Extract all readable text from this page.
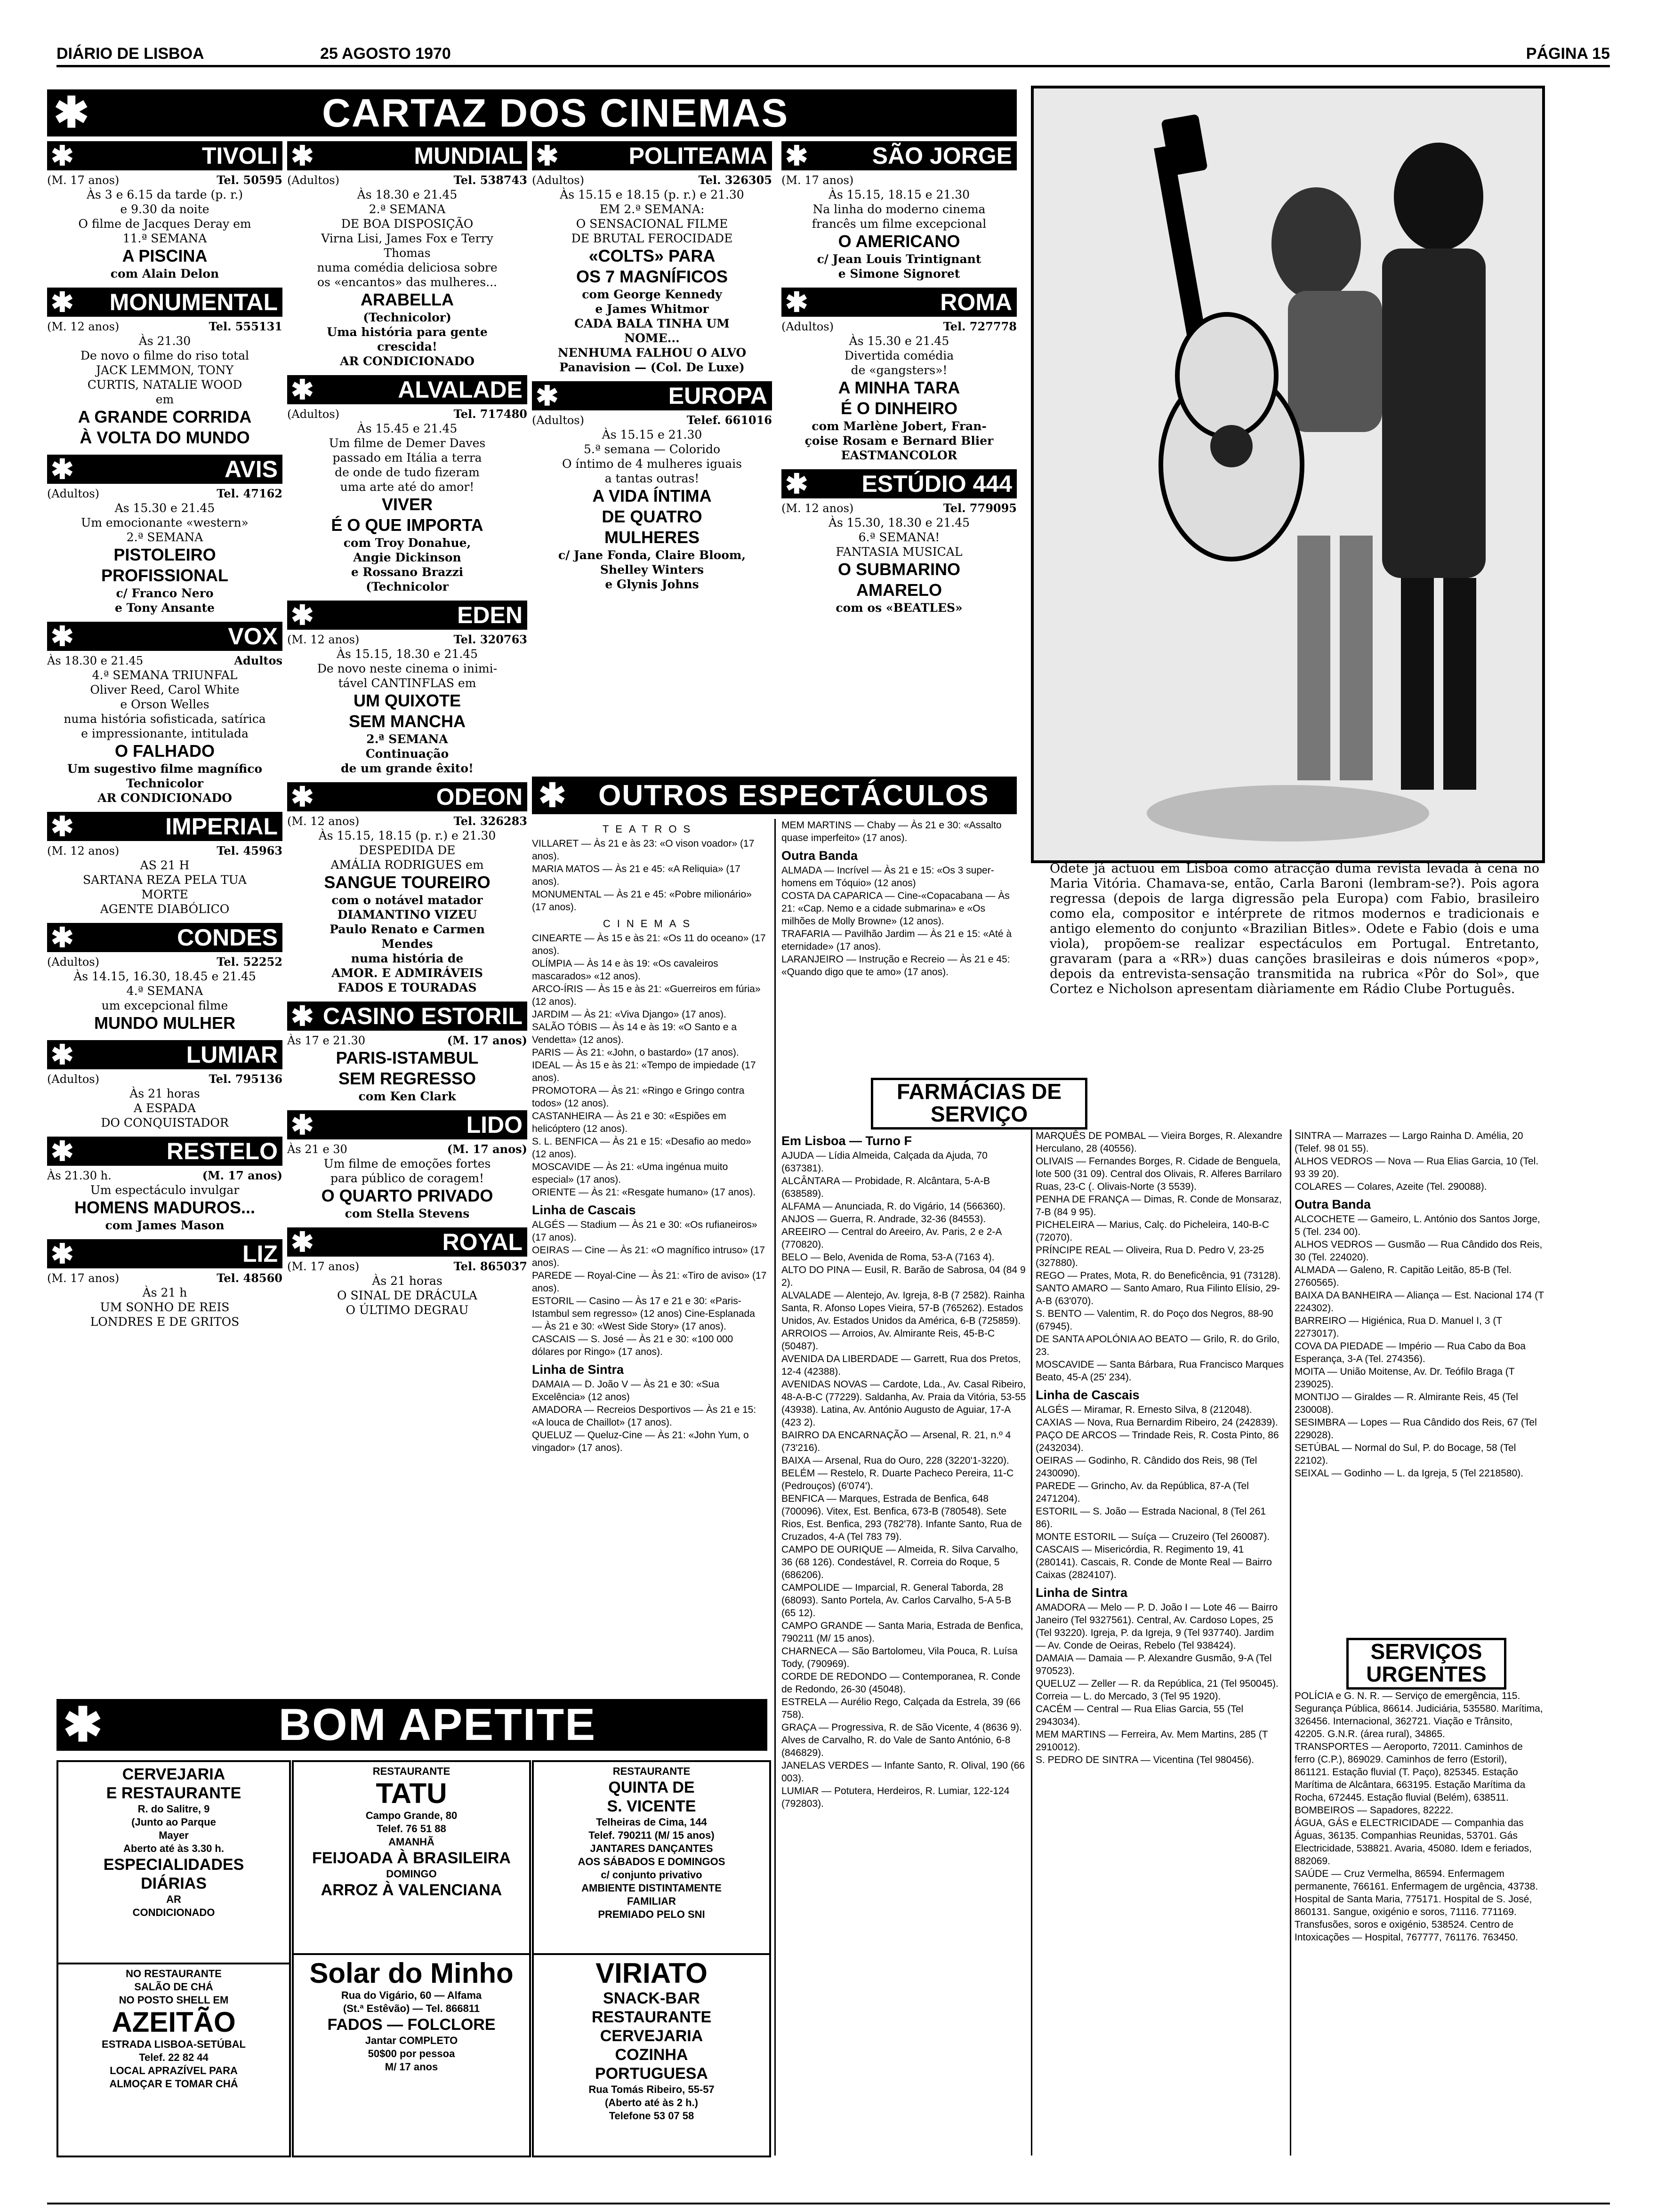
DIÁRIO DE LISBOA	25 AGOSTO 1970	PÁGINA 15
✱	CARTAZ DOS CINEMAS
✱	TIVOLI
(M. 17 anos)	Tel. 50595
Às 3 e 6.15 da tarde (p. r.)
e 9.30 da noite
O filme de Jacques Deray em
11.ª SEMANA
A PISCINA
com Alain Delon
✱	MONUMENTAL
(M. 12 anos)	Tel. 555131
Às 21.30
De novo o filme do riso total
JACK LEMMON, TONY
CURTIS, NATALIE WOOD
em
A GRANDE CORRIDA
À VOLTA DO MUNDO
✱	AVIS
(Adultos)	Tel. 47162
As 15.30 e 21.45
Um emocionante «western»
2.ª SEMANA
PISTOLEIRO
PROFISSIONAL
c/ Franco Nero
e Tony Ansante
✱	VOX
Às 18.30 e 21.45	Adultos
4.ª SEMANA TRIUNFAL
Oliver Reed, Carol White
e Orson Welles
numa história sofisticada, satírica
e impressionante, intitulada
O FALHADO
Um sugestivo filme magnífico
Technicolor
AR CONDICIONADO
✱	IMPERIAL
(M. 12 anos)	Tel. 45963
AS 21 H
SARTANA REZA PELA TUA
MORTE
AGENTE DIABÓLICO
✱	CONDES
(Adultos)	Tel. 52252
Às 14.15, 16.30, 18.45 e 21.45
4.ª SEMANA
um excepcional filme
MUNDO MULHER
✱	LUMIAR
(Adultos)	Tel. 795136
Às 21 horas
A ESPADA
DO CONQUISTADOR
✱	RESTELO
Às 21.30 h.	(M. 17 anos)
Um espectáculo invulgar
HOMENS MADUROS...
com James Mason
✱	LIZ
(M. 17 anos)	Tel. 48560
Às 21 h
UM SONHO DE REIS
LONDRES E DE GRITOS
✱	MUNDIAL
(Adultos)	Tel. 538743
Às 18.30 e 21.45
2.ª SEMANA
DE BOA DISPOSIÇÃO
Virna Lisi, James Fox e Terry
Thomas
numa comédia deliciosa sobre
os «encantos» das mulheres...
ARABELLA
(Technicolor)
Uma história para gente
crescida!
AR CONDICIONADO
✱	ALVALADE
(Adultos)	Tel. 717480
Às 15.45 e 21.45
Um filme de Demer Daves
passado em Itália a terra
de onde de tudo fizeram
uma arte até do amor!
VIVER
É O QUE IMPORTA
com Troy Donahue,
Angie Dickinson
e Rossano Brazzi
(Technicolor
✱	EDEN
(M. 12 anos)	Tel. 320763
Às 15.15, 18.30 e 21.45
De novo neste cinema o inimi-
tável CANTINFLAS em
UM QUIXOTE
SEM MANCHA
2.ª SEMANA
Continuação
de um grande êxito!
✱	ODEON
(M. 12 anos)	Tel. 326283
Às 15.15, 18.15 (p. r.) e 21.30
DESPEDIDA DE
AMÁLIA RODRIGUES em
SANGUE TOUREIRO
com o notável matador
DIAMANTINO VIZEU
Paulo Renato e Carmen
Mendes
numa história de
AMOR. E ADMIRÁVEIS
FADOS E TOURADAS
✱ CASINO ESTORIL
Às 17 e 21.30	(M. 17 anos)
PARIS-ISTAMBUL
SEM REGRESSO
com Ken Clark
✱	LIDO
Às 21 e 30	(M. 17 anos)
Um filme de emoções fortes
para público de coragem!
O QUARTO PRIVADO
com Stella Stevens
✱	ROYAL
(M. 17 anos)	Tel. 865037
Às 21 horas
O SINAL DE DRÁCULA
O ÚLTIMO DEGRAU
✱	POLITEAMA
(Adultos)	Tel. 326305
Às 15.15 e 18.15 (p. r.) e 21.30
EM 2.ª SEMANA:
O SENSACIONAL FILME
DE BRUTAL FEROCIDADE
«COLTS» PARA
OS 7 MAGNÍFICOS
com George Kennedy
e James Whitmor
CADA BALA TINHA UM
NOME...
NENHUMA FALHOU O ALVO
Panavision — (Col. De Luxe)
✱	EUROPA
(Adultos)	Telef. 661016
Às 15.15 e 21.30
5.ª semana — Colorido
O íntimo de 4 mulheres iguais
a tantas outras!
A VIDA ÍNTIMA
DE QUATRO
MULHERES
c/ Jane Fonda, Claire Bloom,
Shelley Winters
e Glynis Johns
✱	SÃO JORGE
(M. 17 anos)
Às 15.15, 18.15 e 21.30
Na linha do moderno cinema
francês um filme excepcional
O AMERICANO
c/ Jean Louis Trintignant
e Simone Signoret
✱	ROMA
(Adultos)	Tel. 727778
Às 15.30 e 21.45
Divertida comédia
de «gangsters»!
A MINHA TARA
É O DINHEIRO
com Marlène Jobert, Fran-
çoise Rosam e Bernard Blier
EASTMANCOLOR
✱	ESTÚDIO 444
(M. 12 anos)	Tel. 779095
Às 15.30, 18.30 e 21.45
6.ª SEMANA!
FANTASIA MUSICAL
O SUBMARINO
AMARELO
com os «BEATLES»
✱	OUTROS ESPECTÁCULOS
TEATROS
VILLARET — Às 21 e às 23: «O vison voador» (17 anos).
MARIA MATOS — Às 21 e 45: «A Reliquia» (17 anos).
MONUMENTAL — Às 21 e 45: «Pobre milionário» (17 anos).
CINEMAS
CINEARTE — Às 15 e às 21: «Os 11 do oceano» (17 anos).
OLÍMPIA — Às 14 e às 19: «Os cavaleiros mascarados» «12 anos).
ARCO-ÍRIS — Às 15 e às 21: «Guerreiros em fúria» (12 anos).
JARDIM — Às 21: «Viva Django» (17 anos).
SALÃO TÓBIS — Às 14 e às 19: «O Santo e a Vendetta» (12 anos).
PARIS — Às 21: «John, o bastardo» (17 anos).
IDEAL — Às 15 e às 21: «Tempo de impiedade (17 anos).
PROMOTORA — Às 21: «Ringo e Gringo contra todos» (12 anos).
CASTANHEIRA — Às 21 e 30: «Espiões em helicóptero (12 anos).
S. L. BENFICA — Às 21 e 15: «Desafio ao medo» (12 anos).
MOSCAVIDE — Às 21: «Uma ingénua muito especial» (17 anos).
ORIENTE — Às 21: «Resgate humano» (17 anos).
Linha de Cascais
ALGÉS — Stadium — Às 21 e 30: «Os rufianeiros» (17 anos).
OEIRAS — Cine — Às 21: «O magnífico intruso» (17 anos).
PAREDE — Royal-Cine — Às 21: «Tiro de aviso» (17 anos).
ESTORIL — Casino — Às 17 e 21 e 30: «Paris-Istambul sem regresso» (12 anos) Cine-Esplanada — Às 21 e 30: «West Side Story» (17 anos).
CASCAIS — S. José — Às 21 e 30: «100 000 dólares por Ringo» (17 anos).
Linha de Sintra
DAMAIA — D. João V — Às 21 e 30: «Sua Excelência» (12 anos)
AMADORA — Recreios Desportivos — Às 21 e 15: «A louca de Chaillot» (17 anos).
QUELUZ — Queluz-Cine — Às 21: «John Yum, o vingador» (17 anos).
MEM MARTINS — Chaby — Às 21 e 30: «Assalto quase imperfeito» (17 anos).
Outra Banda
ALMADA — Incrível — Às 21 e 15: «Os 3 super-homens em Tóquio» (12 anos)
COSTA DA CAPARICA — Cine-«Copacabana — Às 21: «Cap. Nemo e a cidade submarina» e «Os milhões de Molly Browne» (12 anos).
TRAFARIA — Pavilhão Jardim — Às 21 e 15: «Até à eternidade» (17 anos).
LARANJEIRO — Instrução e Recreio — Às 21 e 45: «Quando digo que te amo» (17 anos).
Odete já actuou em Lisboa como atracção duma revista levada à cena no Maria Vitória. Chamava-se, então, Carla Baroni (lembram-se?). Pois agora regressa (depois de larga digressão pela Europa) com Fabio, brasileiro como ela, compositor e intérprete de ritmos modernos e tradicionais e antigo elemento do conjunto «Brazilian Bitles». Odete e Fabio (dois e uma viola), propõem-se realizar espectáculos em Portugal. Entretanto, gravaram (para a «RR») duas canções brasileiras e dois números «pop», depois da entrevista-sensação transmitida na rubrica «Pôr do Sol», que Cortez e Nicholson apresentam diàriamente em Rádio Clube Português.
FARMÁCIAS DE SERVIÇO
Em Lisboa — Turno F
AJUDA — Lídia Almeida, Calçada da Ajuda, 70 (637381).
ALCÂNTARA — Probidade, R. Alcântara, 5-A-B (638589).
ALFAMA — Anunciada, R. do Vigário, 14 (566360).
ANJOS — Guerra, R. Andrade, 32-36 (84553).
AREEIRO — Central do Areeiro, Av. Paris, 2 e 2-A (770820).
BELO — Belo, Avenida de Roma, 53-A (7163 4).
ALTO DO PINA — Eusil, R. Barão de Sabrosa, 04 (84 9 2).
ALVALADE — Alentejo, Av. Igreja, 8-B (7 2582). Rainha Santa, R. Afonso Lopes Vieira, 57-B (765262). Estados Unidos, Av. Estados Unidos da América, 6-B (725859).
ARROIOS — Arroios, Av. Almirante Reis, 45-B-C (50487).
AVENIDA DA LIBERDADE — Garrett, Rua dos Pretos, 12-4 (42388).
AVENIDAS NOVAS — Cardote, Lda., Av. Casal Ribeiro, 48-A-B-C (77229). Saldanha, Av. Praia da Vitória, 53-55 (43938). Latina, Av. António Augusto de Aguiar, 17-A (423 2).
BAIRRO DA ENCARNAÇÃO — Arsenal, R. 21, n.º 4 (73'216).
BAIXA — Arsenal, Rua do Ouro, 228 (3220'1-3220).
BELÉM — Restelo, R. Duarte Pacheco Pereira, 11-C (Pedrouços) (6'074').
BENFICA — Marques, Estrada de Benfica, 648 (700096). Vitex, Est. Benfica, 673-B (780548). Sete Rios, Est. Benfica, 293 (782'78). Infante Santo, Rua de Cruzados, 4-A (Tel 783 79).
CAMPO DE OURIQUE — Almeida, R. Silva Carvalho, 36 (68 126). Condestável, R. Correia do Roque, 5 (686206).
CAMPOLIDE — Imparcial, R. General Taborda, 28 (68093). Santo Portela, Av. Carlos Carvalho, 5-A 5-B (65 12).
CAMPO GRANDE — Santa Maria, Estrada de Benfica, 790211 (M/ 15 anos).
CHARNECA — São Bartolomeu, Vila Pouca, R. Luísa Tody, (790969).
CORDE DE REDONDO — Contemporanea, R. Conde de Redondo, 26-30 (45048).
ESTRELA — Aurélio Rego, Calçada da Estrela, 39 (66 758).
GRAÇA — Progressiva, R. de São Vicente, 4 (8636 9). Alves de Carvalho, R. do Vale de Santo António, 6-8 (846829).
JANELAS VERDES — Infante Santo, R. Olival, 190 (66 003).
LUMIAR — Potutera, Herdeiros, R. Lumiar, 122-124 (792803).
MARQUÊS DE POMBAL — Vieira Borges, R. Alexandre Herculano, 28 (40556).
OLIVAIS — Fernandes Borges, R. Cidade de Benguela, lote 500 (31 09). Central dos Olivais, R. Alferes Barrilaro Ruas, 23-C (. Olivais-Norte (3 5539).
PENHA DE FRANÇA — Dimas, R. Conde de Monsaraz, 7-B (84 9 95).
PICHELEIRA — Marius, Calç. do Picheleira, 140-B-C (72070).
PRÍNCIPE REAL — Oliveira, Rua D. Pedro V, 23-25 (327880).
REGO — Prates, Mota, R. do Beneficência, 91 (73128).
SANTO AMARO — Santo Amaro, Rua Filinto Elísio, 29-A-B (63'070).
S. BENTO — Valentim, R. do Poço dos Negros, 88-90 (67945).
DE SANTA APOLÓNIA AO BEATO — Grilo, R. do Grilo, 23.
MOSCAVIDE — Santa Bárbara, Rua Francisco Marques Beato, 45-A (25' 234).
Linha de Cascais
ALGÉS — Miramar, R. Ernesto Silva, 8 (212048).
CAXIAS — Nova, Rua Bernardim Ribeiro, 24 (242839).
PAÇO DE ARCOS — Trindade Reis, R. Costa Pinto, 86 (2432034).
OEIRAS — Godinho, R. Cândido dos Reis, 98 (Tel 2430090).
PAREDE — Grincho, Av. da República, 87-A (Tel 2471204).
ESTORIL — S. João — Estrada Nacional, 8 (Tel 261 86).
MONTE ESTORIL — Suíça — Cruzeiro (Tel 260087).
CASCAIS — Misericórdia, R. Regimento 19, 41 (280141). Cascais, R. Conde de Monte Real — Bairro Caixas (2824107).
Linha de Sintra
AMADORA — Melo — P. D. João I — Lote 46 — Bairro Janeiro (Tel 9327561). Central, Av. Cardoso Lopes, 25 (Tel 93220). Igreja, P. da Igreja, 9 (Tel 937740). Jardim — Av. Conde de Oeiras, Rebelo (Tel 938424).
DAMAIA — Damaia — P. Alexandre Gusmão, 9-A (Tel 970523).
QUELUZ — Zeller — R. da República, 21 (Tel 950045). Correia — L. do Mercado, 3 (Tel 95 1920).
CACÉM — Central — Rua Elias Garcia, 55 (Tel 2943034).
MEM MARTINS — Ferreira, Av. Mem Martins, 285 (T 2910012).
S. PEDRO DE SINTRA — Vicentina (Tel 980456).
SINTRA — Marrazes — Largo Rainha D. Amélia, 20 (Telef. 98 01 55).
ALHOS VEDROS — Nova — Rua Elias Garcia, 10 (Tel. 93 39 20).
COLARES — Colares, Azeite (Tel. 290088).
Outra Banda
ALCOCHETE — Gameiro, L. António dos Santos Jorge, 5 (Tel. 234 00).
ALHOS VEDROS — Gusmão — Rua Cândido dos Reis, 30 (Tel. 224020).
ALMADA — Galeno, R. Capitão Leitão, 85-B (Tel. 2760565).
BAIXA DA BANHEIRA — Aliança — Est. Nacional 174 (T 224302).
BARREIRO — Higiénica, Rua D. Manuel I, 3 (T 2273017).
COVA DA PIEDADE — Império — Rua Cabo da Boa Esperança, 3-A (Tel. 274356).
MOITA — União Moitense, Av. Dr. Teófilo Braga (T 239025).
MONTIJO — Giraldes — R. Almirante Reis, 45 (Tel 230008).
SESIMBRA — Lopes — Rua Cândido dos Reis, 67 (Tel 229028).
SETÚBAL — Normal do Sul, P. do Bocage, 58 (Tel 22102).
SEIXAL — Godinho — L. da Igreja, 5 (Tel 2218580).
SERVIÇOS URGENTES
POLÍCIA e G. N. R. — Serviço de emergência, 115. Segurança Pública, 86614. Judiciária, 535580. Marítima, 326456. Internacional, 362721. Viação e Trânsito, 42205. G.N.R. (área rural), 34865.
TRANSPORTES — Aeroporto, 72011. Caminhos de ferro (C.P.), 869029. Caminhos de ferro (Estoril), 861121. Estação fluvial (T. Paço), 825345. Estação Marítima de Alcântara, 663195. Estação Marítima da Rocha, 672445. Estação fluvial (Belém), 638511.
BOMBEIROS — Sapadores, 82222.
ÁGUA, GÁS e ELECTRICIDADE — Companhia das Águas, 36135. Companhias Reunidas, 53701. Gás Electricidade, 538821. Avaria, 45080. Idem e feriados, 882069.
SAÚDE — Cruz Vermelha, 86594. Enfermagem permanente, 766161. Enfermagem de urgência, 43738. Hospital de Santa Maria, 775171. Hospital de S. José, 860131. Sangue, oxigénio e soros, 71116. 771169. Transfusões, soros e oxigénio, 538524. Centro de Intoxicações — Hospital, 767777, 761176. 763450.
✱	BOM APETITE
CERVEJARIA
E RESTAURANTE
R. do Salitre, 9
(Junto ao Parque
Mayer
Aberto até às 3.30 h.
ESPECIALIDADES
DIÁRIAS
AR
CONDICIONADO
NO RESTAURANTE
SALÃO DE CHÁ
NO POSTO SHELL EM
AZEITÃO
ESTRADA LISBOA-SETÚBAL
Telef. 22 82 44
LOCAL APRAZÍVEL PARA
ALMOÇAR E TOMAR CHÁ
RESTAURANTE
TATU
Campo Grande, 80
Telef. 76 51 88
AMANHÃ
FEIJOADA À BRASILEIRA
DOMINGO
ARROZ À VALENCIANA
Solar do Minho
Rua do Vigário, 60 — Alfama
(St.ª Estêvão) — Tel. 866811
FADOS — FOLCLORE
Jantar COMPLETO
50$00 por pessoa
M/ 17 anos
RESTAURANTE
QUINTA DE
S. VICENTE
Telheiras de Cima, 144
Telef. 790211 (M/ 15 anos)
JANTARES DANÇANTES
AOS SÁBADOS E DOMINGOS
c/ conjunto privativo
AMBIENTE DISTINTAMENTE
FAMILIAR
PREMIADO PELO SNI
VIRIATO
SNACK-BAR
RESTAURANTE
CERVEJARIA
COZINHA
PORTUGUESA
Rua Tomás Ribeiro, 55-57
(Aberto até às 2 h.)
Telefone 53 07 58
